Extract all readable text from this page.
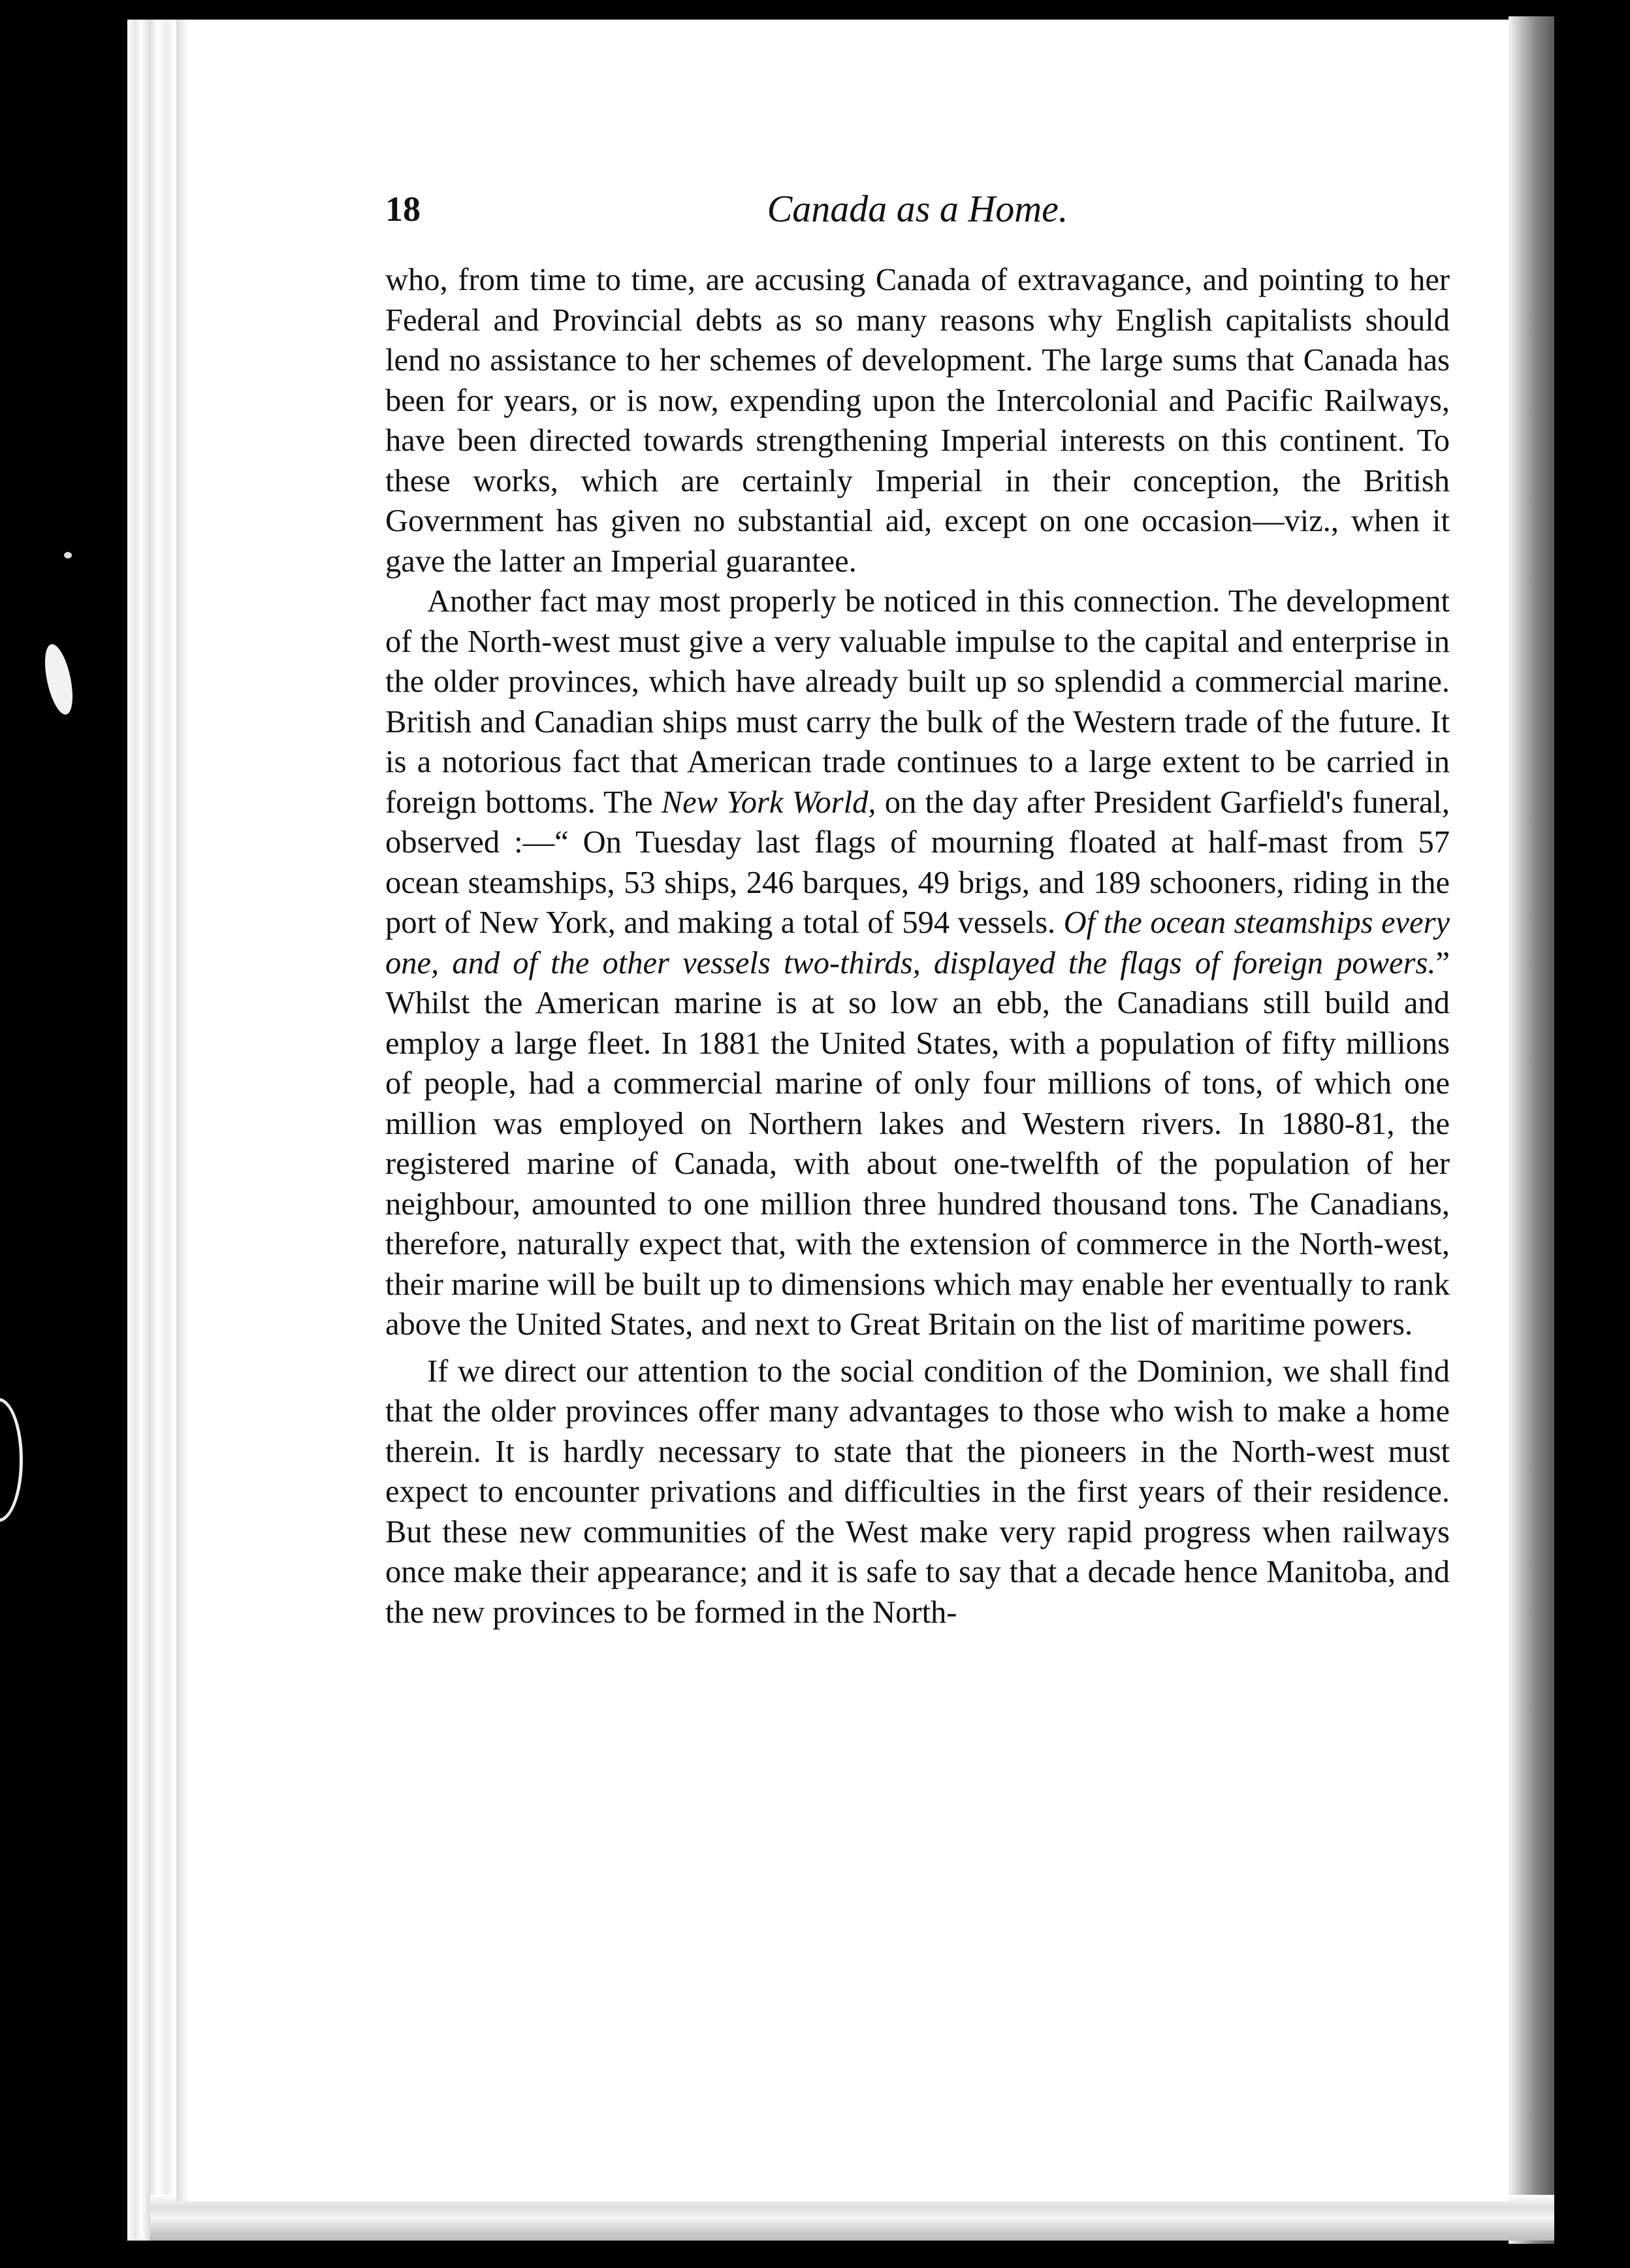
18	Canada as a Home.

who, from time to time, are accusing Canada of extravagance, and pointing to her Federal and Provincial debts as so many reasons why English capitalists should lend no assistance to her schemes of development. The large sums that Canada has been for years, or is now, expending upon the Intercolonial and Pacific Railways, have been directed towards strengthening Imperial interests on this continent. To these works, which are certainly Imperial in their conception, the British Government has given no substantial aid, except on one occasion—viz., when it gave the latter an Imperial guarantee.

Another fact may most properly be noticed in this connection. The development of the North-west must give a very valuable impulse to the capital and enterprise in the older provinces, which have already built up so splendid a commercial marine. British and Canadian ships must carry the bulk of the Western trade of the future. It is a notorious fact that American trade continues to a large extent to be carried in foreign bottoms. The New York World, on the day after President Garfield's funeral, observed :—“ On Tuesday last flags of mourning floated at half-mast from 57 ocean steamships, 53 ships, 246 barques, 49 brigs, and 189 schooners, riding in the port of New York, and making a total of 594 vessels. Of the ocean steamships every one, and of the other vessels two-thirds, displayed the flags of foreign powers.” Whilst the American marine is at so low an ebb, the Canadians still build and employ a large fleet. In 1881 the United States, with a population of fifty millions of people, had a commercial marine of only four millions of tons, of which one million was employed on Northern lakes and Western rivers. In 1880-81, the registered marine of Canada, with about one-twelfth of the population of her neighbour, amounted to one million three hundred thousand tons. The Canadians, therefore, naturally expect that, with the extension of commerce in the North-west, their marine will be built up to dimensions which may enable her eventually to rank above the United States, and next to Great Britain on the list of maritime powers.

If we direct our attention to the social condition of the Dominion, we shall find that the older provinces offer many advantages to those who wish to make a home therein. It is hardly necessary to state that the pioneers in the North-west must expect to encounter privations and difficulties in the first years of their residence. But these new communities of the West make very rapid progress when railways once make their appearance; and it is safe to say that a decade hence Manitoba, and the new provinces to be formed in the North-
